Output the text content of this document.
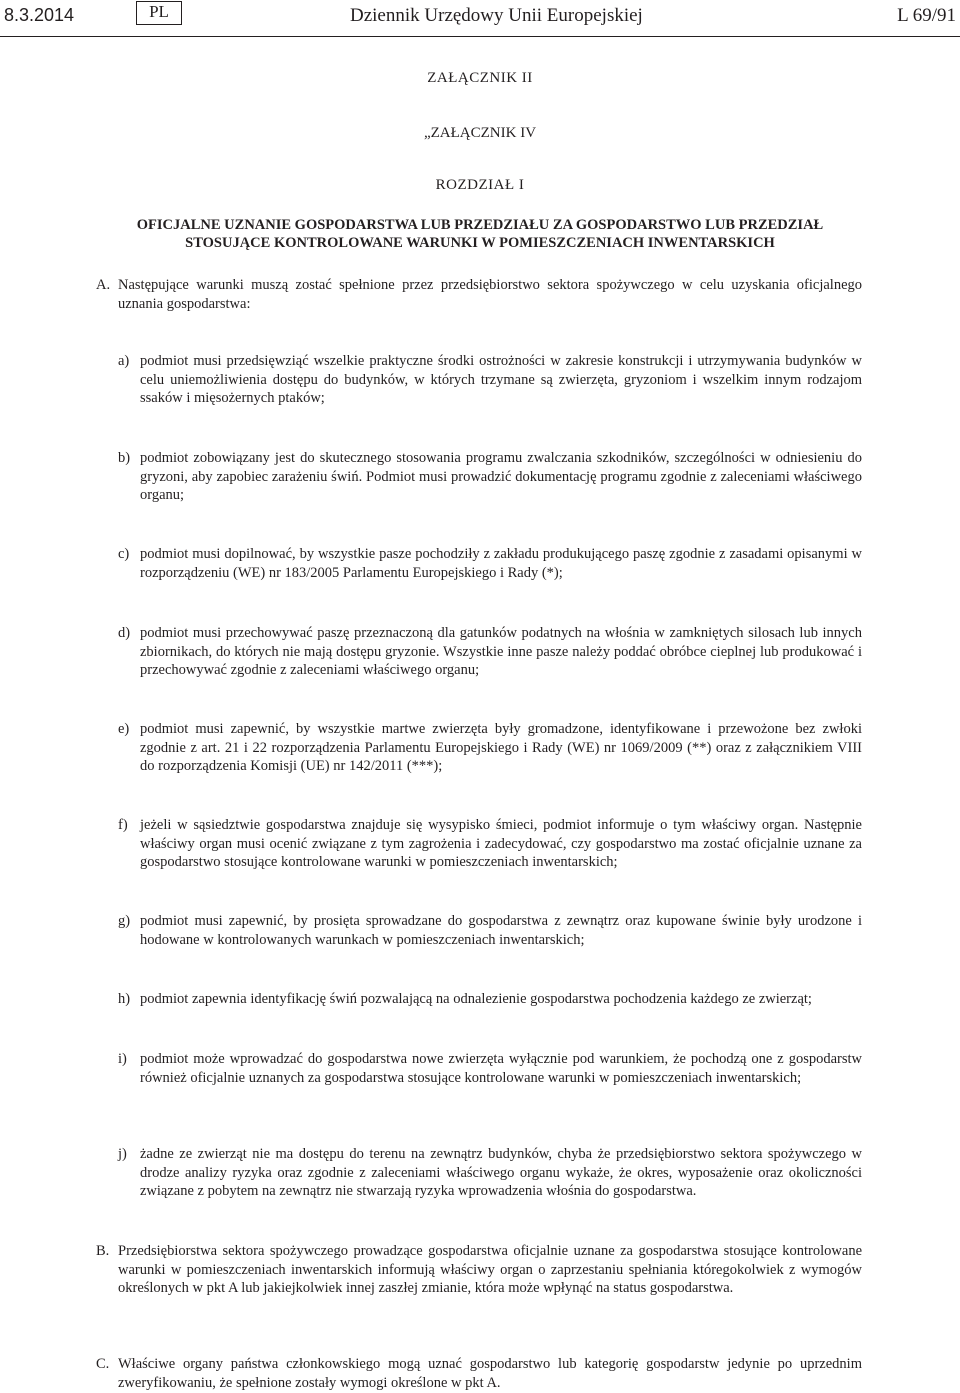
8.3.2014	PL	Dziennik Urzędowy Unii Europejskiej	L 69/91
ZAŁĄCZNIK II
„ZAŁĄCZNIK IV
ROZDZIAŁ I
OFICJALNE UZNANIE GOSPODARSTWA LUB PRZEDZIAŁU ZA GOSPODARSTWO LUB PRZEDZIAŁ
STOSUJĄCE KONTROLOWANE WARUNKI W POMIESZCZENIACH INWENTARSKICH
A. Następujące warunki muszą zostać spełnione przez przedsiębiorstwo sektora spożywczego w celu uzyskania oficjalnego uznania gospodarstwa:
a) podmiot musi przedsięwziąć wszelkie praktyczne środki ostrożności w zakresie konstrukcji i utrzymywania budynków w celu uniemożliwienia dostępu do budynków, w których trzymane są zwierzęta, gryzoniom i wszelkim innym rodzajom ssaków i mięsożernych ptaków;
b) podmiot zobowiązany jest do skutecznego stosowania programu zwalczania szkodników, szczególności w odniesieniu do gryzoni, aby zapobiec zarażeniu świń. Podmiot musi prowadzić dokumentację programu zgodnie z zaleceniami właściwego organu;
c) podmiot musi dopilnować, by wszystkie pasze pochodziły z zakładu produkującego paszę zgodnie z zasadami opisanymi w rozporządzeniu (WE) nr 183/2005 Parlamentu Europejskiego i Rady (*);
d) podmiot musi przechowywać paszę przeznaczoną dla gatunków podatnych na włośnia w zamkniętych silosach lub innych zbiornikach, do których nie mają dostępu gryzonie. Wszystkie inne pasze należy poddać obróbce cieplnej lub produkować i przechowywać zgodnie z zaleceniami właściwego organu;
e) podmiot musi zapewnić, by wszystkie martwe zwierzęta były gromadzone, identyfikowane i przewożone bez zwłoki zgodnie z art. 21 i 22 rozporządzenia Parlamentu Europejskiego i Rady (WE) nr 1069/2009 (**) oraz z załącznikiem VIII do rozporządzenia Komisji (UE) nr 142/2011 (***);
f) jeżeli w sąsiedztwie gospodarstwa znajduje się wysypisko śmieci, podmiot informuje o tym właściwy organ. Następnie właściwy organ musi ocenić związane z tym zagrożenia i zadecydować, czy gospodarstwo ma zostać oficjalnie uznane za gospodarstwo stosujące kontrolowane warunki w pomieszczeniach inwentarskich;
g) podmiot musi zapewnić, by prosięta sprowadzane do gospodarstwa z zewnątrz oraz kupowane świnie były urodzone i hodowane w kontrolowanych warunkach w pomieszczeniach inwentarskich;
h) podmiot zapewnia identyfikację świń pozwalającą na odnalezienie gospodarstwa pochodzenia każdego ze zwierząt;
i) podmiot może wprowadzać do gospodarstwa nowe zwierzęta wyłącznie pod warunkiem, że pochodzą one z gospodarstw również oficjalnie uznanych za gospodarstwa stosujące kontrolowane warunki w pomieszczeniach inwentarskich;
j) żadne ze zwierząt nie ma dostępu do terenu na zewnątrz budynków, chyba że przedsiębiorstwo sektora spożywczego w drodze analizy ryzyka oraz zgodnie z zaleceniami właściwego organu wykaże, że okres, wyposażenie oraz okoliczności związane z pobytem na zewnątrz nie stwarzają ryzyka wprowadzenia włośnia do gospodarstwa.
B. Przedsiębiorstwa sektora spożywczego prowadzące gospodarstwa oficjalnie uznane za gospodarstwa stosujące kontrolowane warunki w pomieszczeniach inwentarskich informują właściwy organ o zaprzestaniu spełniania któregokolwiek z wymogów określonych w pkt A lub jakiejkolwiek innej zaszłej zmianie, która może wpłynąć na status gospodarstwa.
C. Właściwe organy państwa członkowskiego mogą uznać gospodarstwo lub kategorię gospodarstw jedynie po uprzednim zweryfikowaniu, że spełnione zostały wymogi określone w pkt A.
